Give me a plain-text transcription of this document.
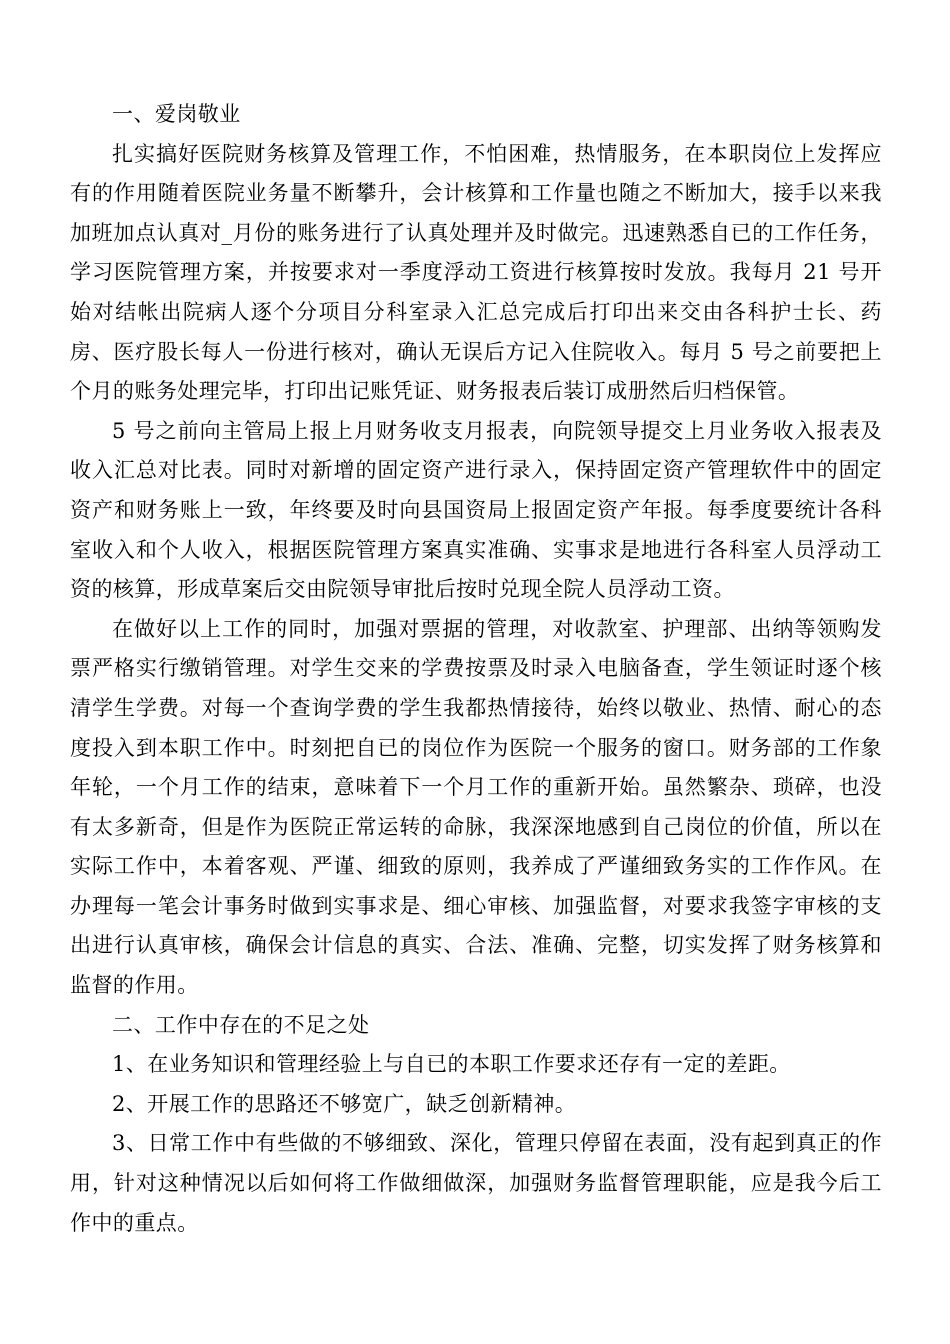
一、爱岗敬业

扎实搞好医院财务核算及管理工作，不怕困难，热情服务，在本职岗位上发挥应有的作用随着医院业务量不断攀升，会计核算和工作量也随之不断加大，接手以来我加班加点认真对_月份的账务进行了认真处理并及时做完。迅速熟悉自已的工作任务，学习医院管理方案，并按要求对一季度浮动工资进行核算按时发放。我每月 21 号开始对结帐出院病人逐个分项目分科室录入汇总完成后打印出来交由各科护士长、药房、医疗股长每人一份进行核对，确认无误后方记入住院收入。每月 5 号之前要把上个月的账务处理完毕，打印出记账凭证、财务报表后装订成册然后归档保管。

5 号之前向主管局上报上月财务收支月报表，向院领导提交上月业务收入报表及收入汇总对比表。同时对新增的固定资产进行录入，保持固定资产管理软件中的固定资产和财务账上一致，年终要及时向县国资局上报固定资产年报。每季度要统计各科室收入和个人收入，根据医院管理方案真实准确、实事求是地进行各科室人员浮动工资的核算，形成草案后交由院领导审批后按时兑现全院人员浮动工资。

在做好以上工作的同时，加强对票据的管理，对收款室、护理部、出纳等领购发票严格实行缴销管理。对学生交来的学费按票及时录入电脑备查，学生领证时逐个核清学生学费。对每一个查询学费的学生我都热情接待，始终以敬业、热情、耐心的态度投入到本职工作中。时刻把自已的岗位作为医院一个服务的窗口。财务部的工作象年轮，一个月工作的结束，意味着下一个月工作的重新开始。虽然繁杂、琐碎，也没有太多新奇，但是作为医院正常运转的命脉，我深深地感到自己岗位的价值，所以在实际工作中，本着客观、严谨、细致的原则，我养成了严谨细致务实的工作作风。在办理每一笔会计事务时做到实事求是、细心审核、加强监督，对要求我签字审核的支出进行认真审核，确保会计信息的真实、合法、准确、完整，切实发挥了财务核算和监督的作用。

二、工作中存在的不足之处

1、在业务知识和管理经验上与自已的本职工作要求还存有一定的差距。

2、开展工作的思路还不够宽广，缺乏创新精神。

3、日常工作中有些做的不够细致、深化，管理只停留在表面，没有起到真正的作用，针对这种情况以后如何将工作做细做深，加强财务监督管理职能，应是我今后工作中的重点。
